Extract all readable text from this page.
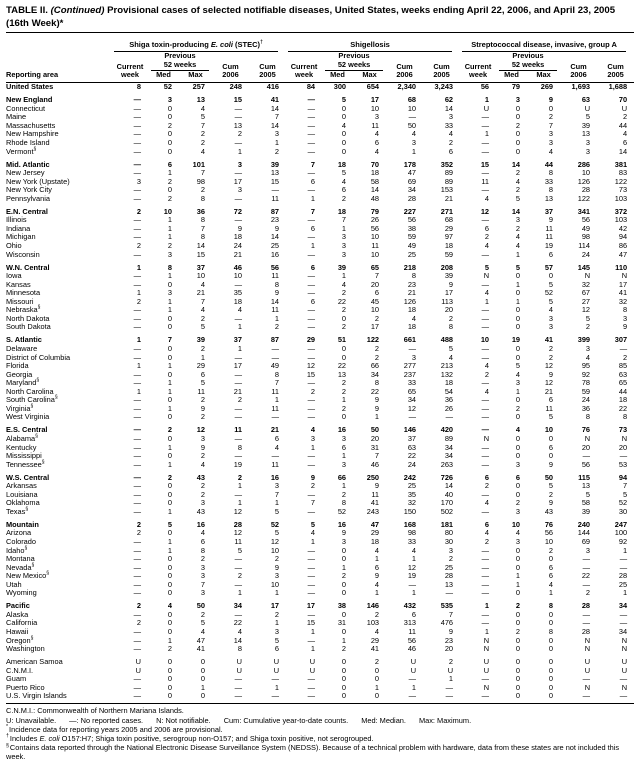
TABLE II. (Continued) Provisional cases of selected notifiable diseases, United States, weeks ending April 22, 2006, and April 23, 2005 (16th Week)*

	Shiga toxin-producing E. coli (STEC)†					Shigellosis					Streptococcal disease, invasive, group A				

		Previous					Previous					Previous			
	Current	52 weeks		Cum	Cum	Current	52 weeks		Cum	Cum	Current	52 weeks		Cum	Cum
Reporting area	week	Med	Max	2006	2005	week	Med	Max	2006	2005	week	Med	Max	2006	2005
United States	8	52	257	248	416	84	300	654	2,340	3,243	56	79	269	1,693	1,688
New England	—	3	13	15	41	—	5	17	68	62	1	3	9	63	70
Connecticut	—	0	4	—	14	—	0	10	10	14	U	0	0	U	U
Maine	—	0	5	—	7	—	0	3	—	3	—	0	2	5	2
Massachusetts	—	2	7	13	14	—	4	11	50	33	—	2	7	39	44
New Hampshire	—	0	2	2	3	—	0	4	4	4	1	0	3	13	4
Rhode Island	—	0	2	—	1	—	0	6	3	2	—	0	3	3	6
Vermont§	—	0	4	1	2	—	0	4	1	6	—	0	4	3	14
Mid. Atlantic	—	6	101	3	39	7	18	70	178	352	15	14	44	286	381
New Jersey	—	1	7	—	13	—	5	18	47	89	—	2	8	10	83
New York (Upstate)	3	2	98	17	15	6	4	58	69	89	11	4	33	126	122
New York City	—	0	2	3	—	—	6	14	34	153	—	2	8	28	73
Pennsylvania	—	2	8	—	11	1	2	48	28	21	4	5	13	122	103
E.N. Central	2	10	36	72	87	7	18	79	227	271	12	14	37	341	372
Illinois	—	1	8	—	23	—	7	26	56	68	—	3	9	56	103
Indiana	—	1	7	9	9	6	1	56	38	29	6	2	11	49	42
Michigan	—	1	8	18	14	—	3	10	59	97	2	4	11	98	94
Ohio	2	2	14	24	25	1	3	11	49	18	4	4	19	114	86
Wisconsin	—	3	15	21	16	—	3	10	25	59	—	1	6	24	47
W.N. Central	1	8	37	46	56	6	39	65	218	208	5	5	57	145	110
Iowa	—	1	10	10	11	—	1	7	8	39	N	0	0	N	N
Kansas	—	0	4	—	8	—	4	20	23	9	—	1	5	32	17
Minnesota	1	3	21	35	9	—	2	6	21	17	4	0	52	67	41
Missouri	2	1	7	18	14	6	22	45	126	113	1	1	5	27	32
Nebraska§	—	1	4	4	11	—	2	10	18	20	—	0	4	12	8
North Dakota	—	0	2	—	1	—	0	2	4	2	—	0	3	5	3
South Dakota	—	0	5	1	2	—	2	17	18	8	—	0	3	2	9
S. Atlantic	1	7	39	37	87	29	51	122	661	488	10	19	41	399	307
Delaware	—	0	2	1	—	—	0	2	—	5	—	0	2	3	—
District of Columbia	—	0	1	—	—	—	0	2	3	4	—	0	2	4	2
Florida	1	1	29	17	49	12	22	66	277	213	4	5	12	95	85
Georgia	—	0	6	—	8	15	13	34	237	132	2	4	9	92	63
Maryland§	—	1	5	—	7	—	2	8	33	18	—	3	12	78	65
North Carolina	1	1	11	21	11	2	2	22	65	54	4	1	21	59	44
South Carolina§	—	0	2	2	1	—	1	9	34	36	—	0	6	24	18
Virginia§	—	1	9	—	11	—	2	9	12	26	—	2	11	36	22
West Virginia	—	0	2	—	—	—	0	1	—	—	—	0	5	8	8
E.S. Central	—	2	12	11	21	4	16	50	146	420	—	4	10	76	73
Alabama§	—	0	3	—	6	3	3	20	37	89	N	0	0	N	N
Kentucky	—	1	9	8	4	1	6	31	63	34	—	0	6	20	20
Mississippi	—	0	2	—	—	—	1	7	22	34	—	0	0	—	—
Tennessee§	—	1	4	19	11	—	3	46	24	263	—	3	9	56	53
W.S. Central	—	2	43	2	16	9	66	250	242	726	6	6	50	115	94
Arkansas	—	0	2	1	3	2	1	9	25	14	2	0	5	13	7
Louisiana	—	0	2	—	7	—	2	11	35	40	—	0	2	5	5
Oklahoma	—	0	3	1	1	7	8	41	32	170	4	2	9	58	52
Texas§	—	1	43	12	5	—	52	243	150	502	—	3	43	39	30
Mountain	2	5	16	28	52	5	16	47	168	181	6	10	76	240	247
Arizona	2	0	4	12	5	4	9	29	98	80	4	4	56	144	100
Colorado	—	1	6	11	12	1	3	18	33	30	2	3	10	69	92
Idaho§	—	1	8	5	10	—	0	4	4	3	—	0	2	3	1
Montana	—	0	2	—	2	—	0	1	1	2	—	0	0	—	—
Nevada§	—	0	3	—	9	—	1	6	12	25	—	0	6	—	—
New Mexico§	—	0	3	2	3	—	2	9	19	28	—	1	6	22	28
Utah	—	0	7	—	10	—	0	4	—	13	—	1	4	—	25
Wyoming	—	0	3	1	1	—	0	1	1	—	—	0	1	2	1
Pacific	2	4	50	34	17	17	38	146	432	535	1	2	8	28	34
Alaska	—	0	2	—	2	—	0	2	6	7	—	0	0	—	—
California	2	0	5	22	1	15	31	103	313	476	—	0	0	—	—
Hawaii	—	0	4	4	3	1	0	4	11	9	1	2	8	28	34
Oregon§	—	1	47	14	5	—	1	29	56	23	N	0	0	N	N
Washington	—	2	41	8	6	1	2	41	46	20	N	0	0	N	N
American Samoa	U	0	0	U	U	U	0	2	U	2	U	0	0	U	U
C.N.M.I.	U	0	0	U	U	U	0	0	U	U	U	0	0	U	U
Guam	—	0	0	—	—	—	0	0	—	1	—	0	0	—	—
Puerto Rico	—	0	1	—	1	—	0	1	1	—	N	0	0	N	N
U.S. Virgin Islands	—	0	0	—	—	—	0	0	—	—	—	0	0	—	—
C.N.M.I.: Commonwealth of Northern Mariana Islands.
U: Unavailable. —: No reported cases. N: Not notifiable. Cum: Cumulative year-to-date counts. Med: Median. Max: Maximum.
*Incidence data for reporting years 2005 and 2006 are provisional.
†Includes E. coli O157:H7; Shiga toxin positive, serogroup non-O157; and Shiga toxin positive, not serogrouped.
§Contains data reported through the National Electronic Disease Surveillance System (NEDSS). Because of a technical problem with hardware, data from these states are not included this week.
